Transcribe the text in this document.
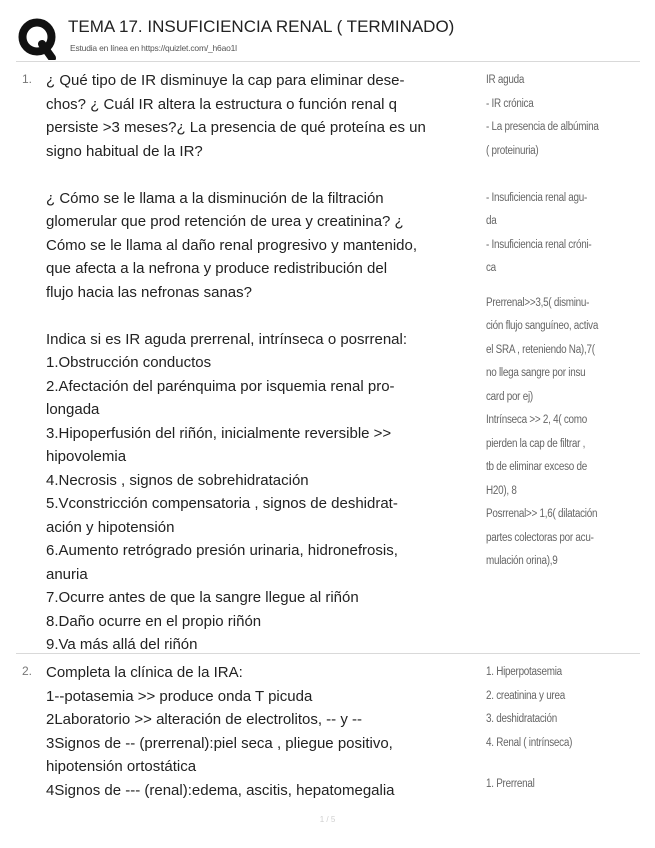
TEMA 17. INSUFICIENCIA RENAL ( TERMINADO)
Estudia en línea en https://quizlet.com/_h6ao1l
1. ¿ Qué tipo de IR disminuye la cap para eliminar dese-
chos? ¿ Cuál IR altera la estructura o función renal q
persiste >3 meses?¿ La presencia de qué proteína es un
signo habitual de la IR?
¿ Cómo se le llama a la disminución de la filtración
glomerular que prod retención de urea y creatinina? ¿
Cómo se le llama al daño renal progresivo y mantenido,
que afecta a la nefrona y produce redistribución del
flujo hacia las nefronas sanas?
Indica si es IR aguda prerrenal, intrínseca o posrrenal:
1.Obstrucción conductos
2.Afectación del parénquima por isquemia renal pro-
longada
3.Hipoperfusión del riñón, inicialmente reversible >>
hipovolemia
4.Necrosis , signos de sobrehidratación
5.Vconstricción compensatoria , signos de deshidrat-
ación y hipotensión
6.Aumento retrógrado presión urinaria, hidronefrosis,
anuria
7.Ocurre antes de que la sangre llegue al riñón
8.Daño ocurre en el propio riñón
9.Va más allá del riñón
IR aguda
- IR crónica
- La presencia de albúmina
( proteinuria)
- Insuficiencia renal agu-
da
- Insuficiencia renal cróni-
ca
Prerrenal>>3,5( disminu-
ción flujo sanguíneo, activa
el SRA , reteniendo Na),7(
no llega sangre por insu
card por ej)
Intrínseca >> 2, 4( como
pierden la cap de filtrar ,
tb de eliminar exceso de
H20), 8
Posrrenal>> 1,6( dilatación
partes colectoras por acu-
mulación orina),9
2. Completa la clínica de la IRA:
1--potasemia >> produce onda T picuda
2Laboratorio >> alteración de electrolitos, -- y --
3Signos de -- (prerrenal):piel seca , pliegue positivo,
hipotensión ortostática
4Signos de --- (renal):edema, ascitis, hepatomegalia
1. Hiperpotasemia
2. creatinina y urea
3. deshidratación
4. Renal ( intrínseca)
1. Prerrenal
1 / 5
